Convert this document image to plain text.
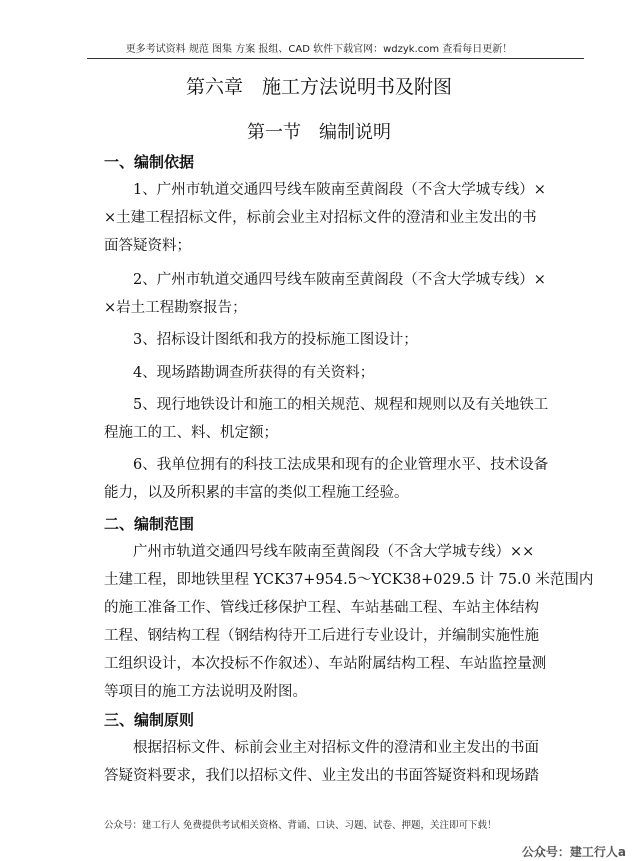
更多考试资料 规范 图集 方案 报组、CAD 软件下载官网：wdzyk.com 查看每日更新！
第六章　施工方法说明书及附图
第一节　编制说明
一、编制依据
1、广州市轨道交通四号线车陂南至黄阁段（不含大学城专线）×
×土建工程招标文件，标前会业主对招标文件的澄清和业主发出的书
面答疑资料；
2、广州市轨道交通四号线车陂南至黄阁段（不含大学城专线）×
×岩土工程勘察报告；
3、招标设计图纸和我方的投标施工图设计；
4、现场踏勘调查所获得的有关资料；
5、现行地铁设计和施工的相关规范、规程和规则以及有关地铁工
程施工的工、料、机定额；
6、我单位拥有的科技工法成果和现有的企业管理水平、技术设备
能力，以及所积累的丰富的类似工程施工经验。
二、编制范围
广州市轨道交通四号线车陂南至黄阁段（不含大学城专线）××
土建工程，即地铁里程 YCK37+954.5～YCK38+029.5 计 75.0 米范围内
的施工准备工作、管线迁移保护工程、车站基础工程、车站主体结构
工程、钢结构工程（钢结构待开工后进行专业设计，并编制实施性施
工组织设计，本次投标不作叙述）、车站附属结构工程、车站监控量测
等项目的施工方法说明及附图。
三、编制原则
根据招标文件、标前会业主对招标文件的澄清和业主发出的书面
答疑资料要求，我们以招标文件、业主发出的书面答疑资料和现场踏
公众号：建工行人 免费提供考试相关资格、背诵、口诀、习题、试卷、押题，关注即可下载！
公众号：建工行人a
